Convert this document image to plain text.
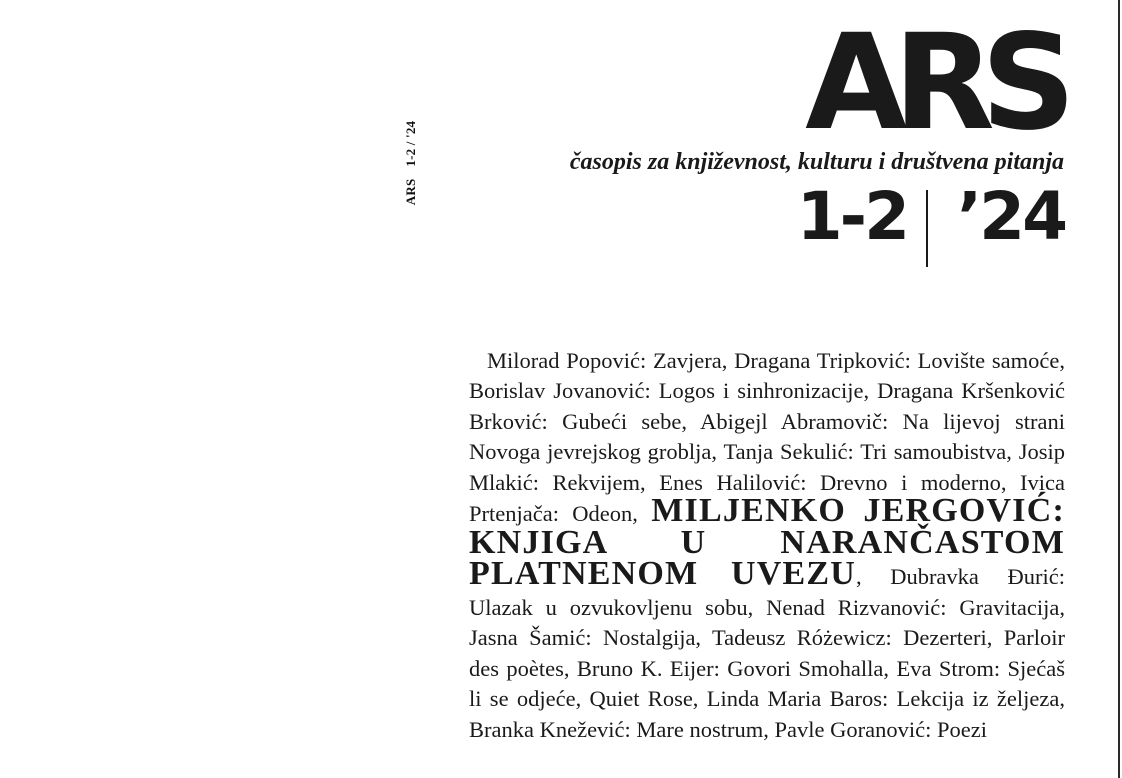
ARS1-2 / '24	ARS
časopis za književnost, kulturu i društvena pitanja
1-2 ’24

Milorad Popović: Zavjera, Dragana Tripković: Lovište samoće, Borislav Jovanović: Logos i sinhronizacije, Dragana Kršenković Brković: Gubeći sebe, Abigejl Abramovič: Na lijevoj strani Novoga jevrejskog groblja, Tanja Sekulić: Tri samoubistva, Josip Mlakić: Rekvijem, Enes Halilović: Drevno i moderno, Ivica Prtenjača: Odeon, MILJENKO JERGOVIĆ: KNJIGA U NARANČASTOM PLATNENOM UVEZU, Dubravka Đurić: Ulazak u ozvukovljenu sobu, Nenad Rizvanović: Gravitacija, Jasna Šamić: Nostalgija, Tadeusz Różewicz: Dezerteri, Parloir des poètes, Bruno K. Eijer: Govori Smohalla, Eva Strom: Sjećaš li se odjeće, Quiet Rose, Linda Maria Baros: Lekcija iz željeza, Branka Knežević: Mare nostrum, Pavle Goranović: Poezi
